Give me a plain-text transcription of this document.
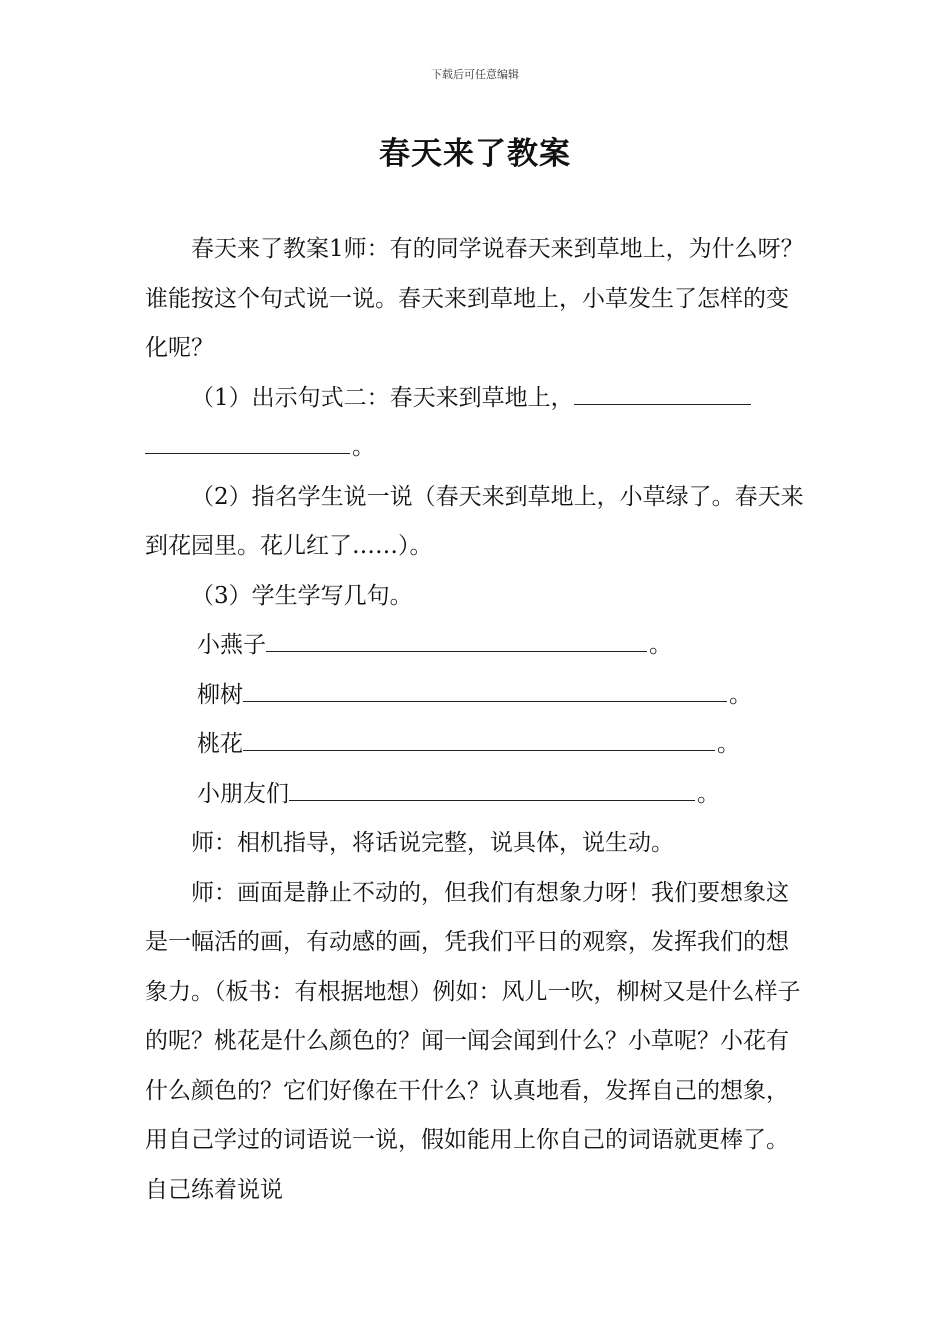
下载后可任意编辑
春天来了教案

春天来了教案1师：有的同学说春天来到草地上，为什么呀？谁能按这个句式说一说。春天来到草地上，小草发生了怎样的变化呢？

（1）出示句式二：春天来到草地上，

。

（2）指名学生说一说（春天来到草地上，小草绿了。春天来到花园里。花儿红了……）。

（3）学生学写几句。

小燕子	。

柳树	。

桃花	。

小朋友们	。

师：相机指导，将话说完整，说具体，说生动。

师：画面是静止不动的，但我们有想象力呀！我们要想象这是一幅活的画，有动感的画，凭我们平日的观察，发挥我们的想象力。（板书：有根据地想）例如：风儿一吹，柳树又是什么样子的呢？桃花是什么颜色的？闻一闻会闻到什么？小草呢？小花有什么颜色的？它们好像在干什么？认真地看，发挥自己的想象，用自己学过的词语说一说，假如能用上你自己的词语就更棒了。自己练着说说
